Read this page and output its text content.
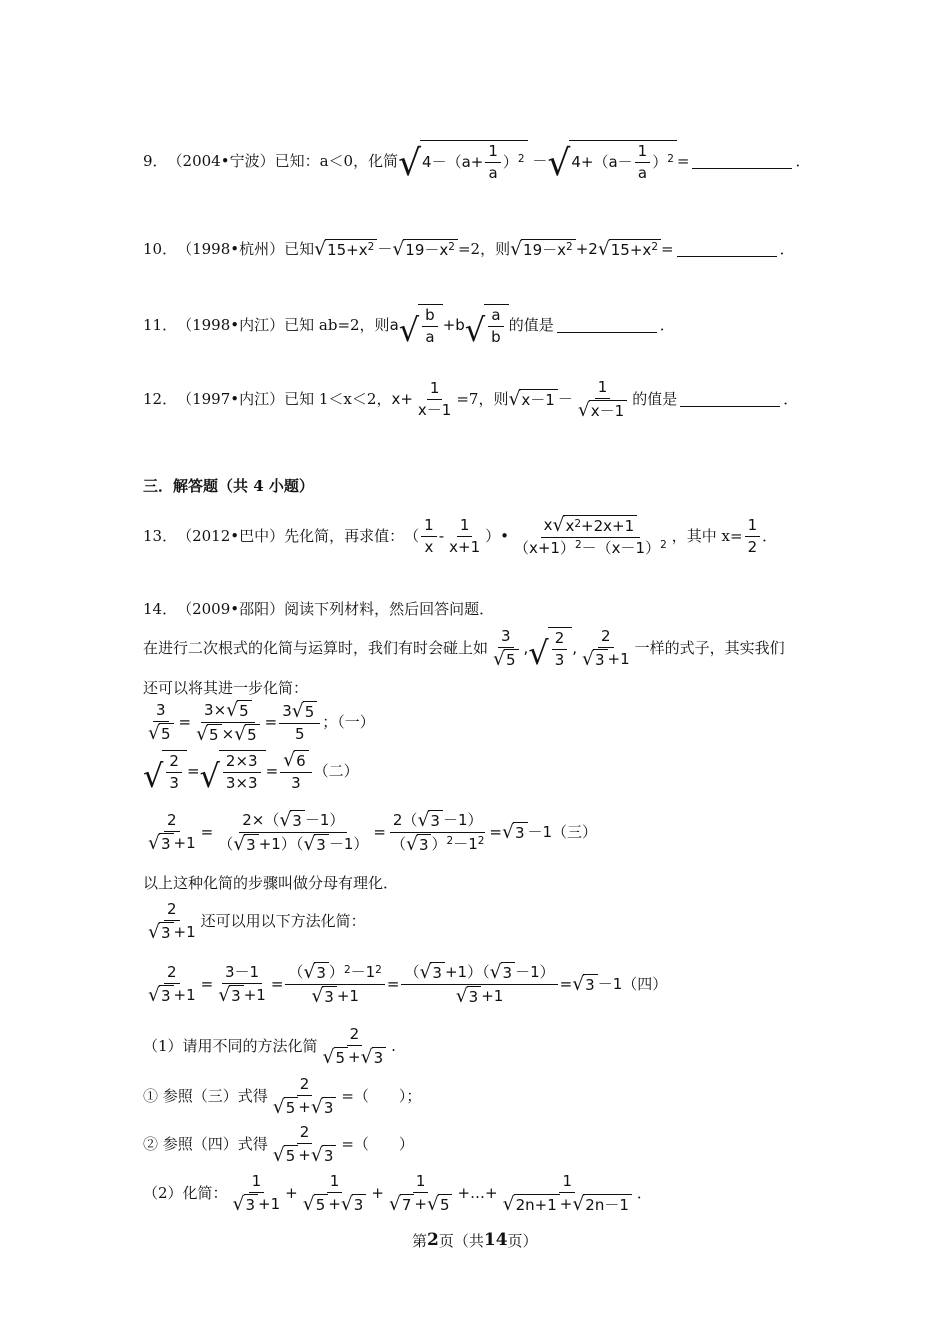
9． （2004•宁波） 已知：a＜0，化简 √ $4-(a+ \frac{1}{a} )^2$ － √ $4+(a- \frac{1}{a} )^2$ =	．
10． （1998•杭州） 已知 √ $15+x^2$ － √ $19-x^2 =2$，则 √ $19-x^2 +2$ √ $15+x^2$ =	．
11． （1998•内江） 已知 ab=2，则 a √ $\frac{b}{a} +b$ √ $\frac{a}{b}$ 的值是	．
12． （1997•内江） 已知 1＜x＜2， $x+ \frac{1}{x-1} =7$，则 √ $x-1 - \frac{1}{√ x-1}$ 的值是	．
三．解答题（共 4 小题）
13． （2012•巴中） 先化简，再求值： （ $\frac{1}{x} - \frac{1}{x+1}$ ）• $\frac{x √ x^2 +2x+1}{(x+1)^2 -(x-1)^2}$ ，其中 $x= \frac{1}{2}$ ．
14． （2009•邵阳） 阅读下列材料，然后回答问题．
在进行二次根式的化简与运算时，我们有时会碰上如 $\frac{3}{√ 5}$ , √ $\frac{2}{3}$ , $\frac{2}{√ 3 +1}$ 一样的式子，其实我们
还可以将其进一步化简：
$\frac{3}{√ 5} = \frac{3\times √ 5}{√ 5 \times √ 5} = \frac{3 √ 5}{5}$ ；（一）
√ $\frac{2}{3}$ = √ $\frac{2\times 3}{3\times 3} = \frac{√ 6}{3}$ （二）
$\frac{2}{√ 3 +1} = \frac{2\times( √ 3 -1)}{( √ 3 +1)( √ 3 -1)} = \frac{2( √ 3 -1)}{( √ 3 )^2 -1^2}$ = √ 3 －1 （三）
以上这种化简的步骤叫做分母有理化．
$\frac{2}{√ 3 +1}$ 还可以用以下方法化简：
$\frac{2}{√ 3 +1} = \frac{3-1}{√ 3 +1} = \frac{( √ 3 )^2 -1^2}{√ 3 +1} = \frac{( √ 3 +1)( √ 3 -1)}{√ 3 +1}$ = √ 3 －1 （四）
（1）请用不同的方法化简 $\frac{2}{√ 5 + √ 3}$ .
① 参照（三）式得 $\frac{2}{√ 5 + √ 3}$ =（　　）；
② 参照（四）式得 $\frac{2}{√ 5 + √ 3}$ =（　　）
（2）化简： $\frac{1}{√ 3 +1} + \frac{1}{√ 5 + √ 3} + \frac{1}{√ 7 + √ 5}$ +…+ $\frac{1}{√ 2n+1 + √ 2n-1}$ ．
第 2 页（共 14 页）
